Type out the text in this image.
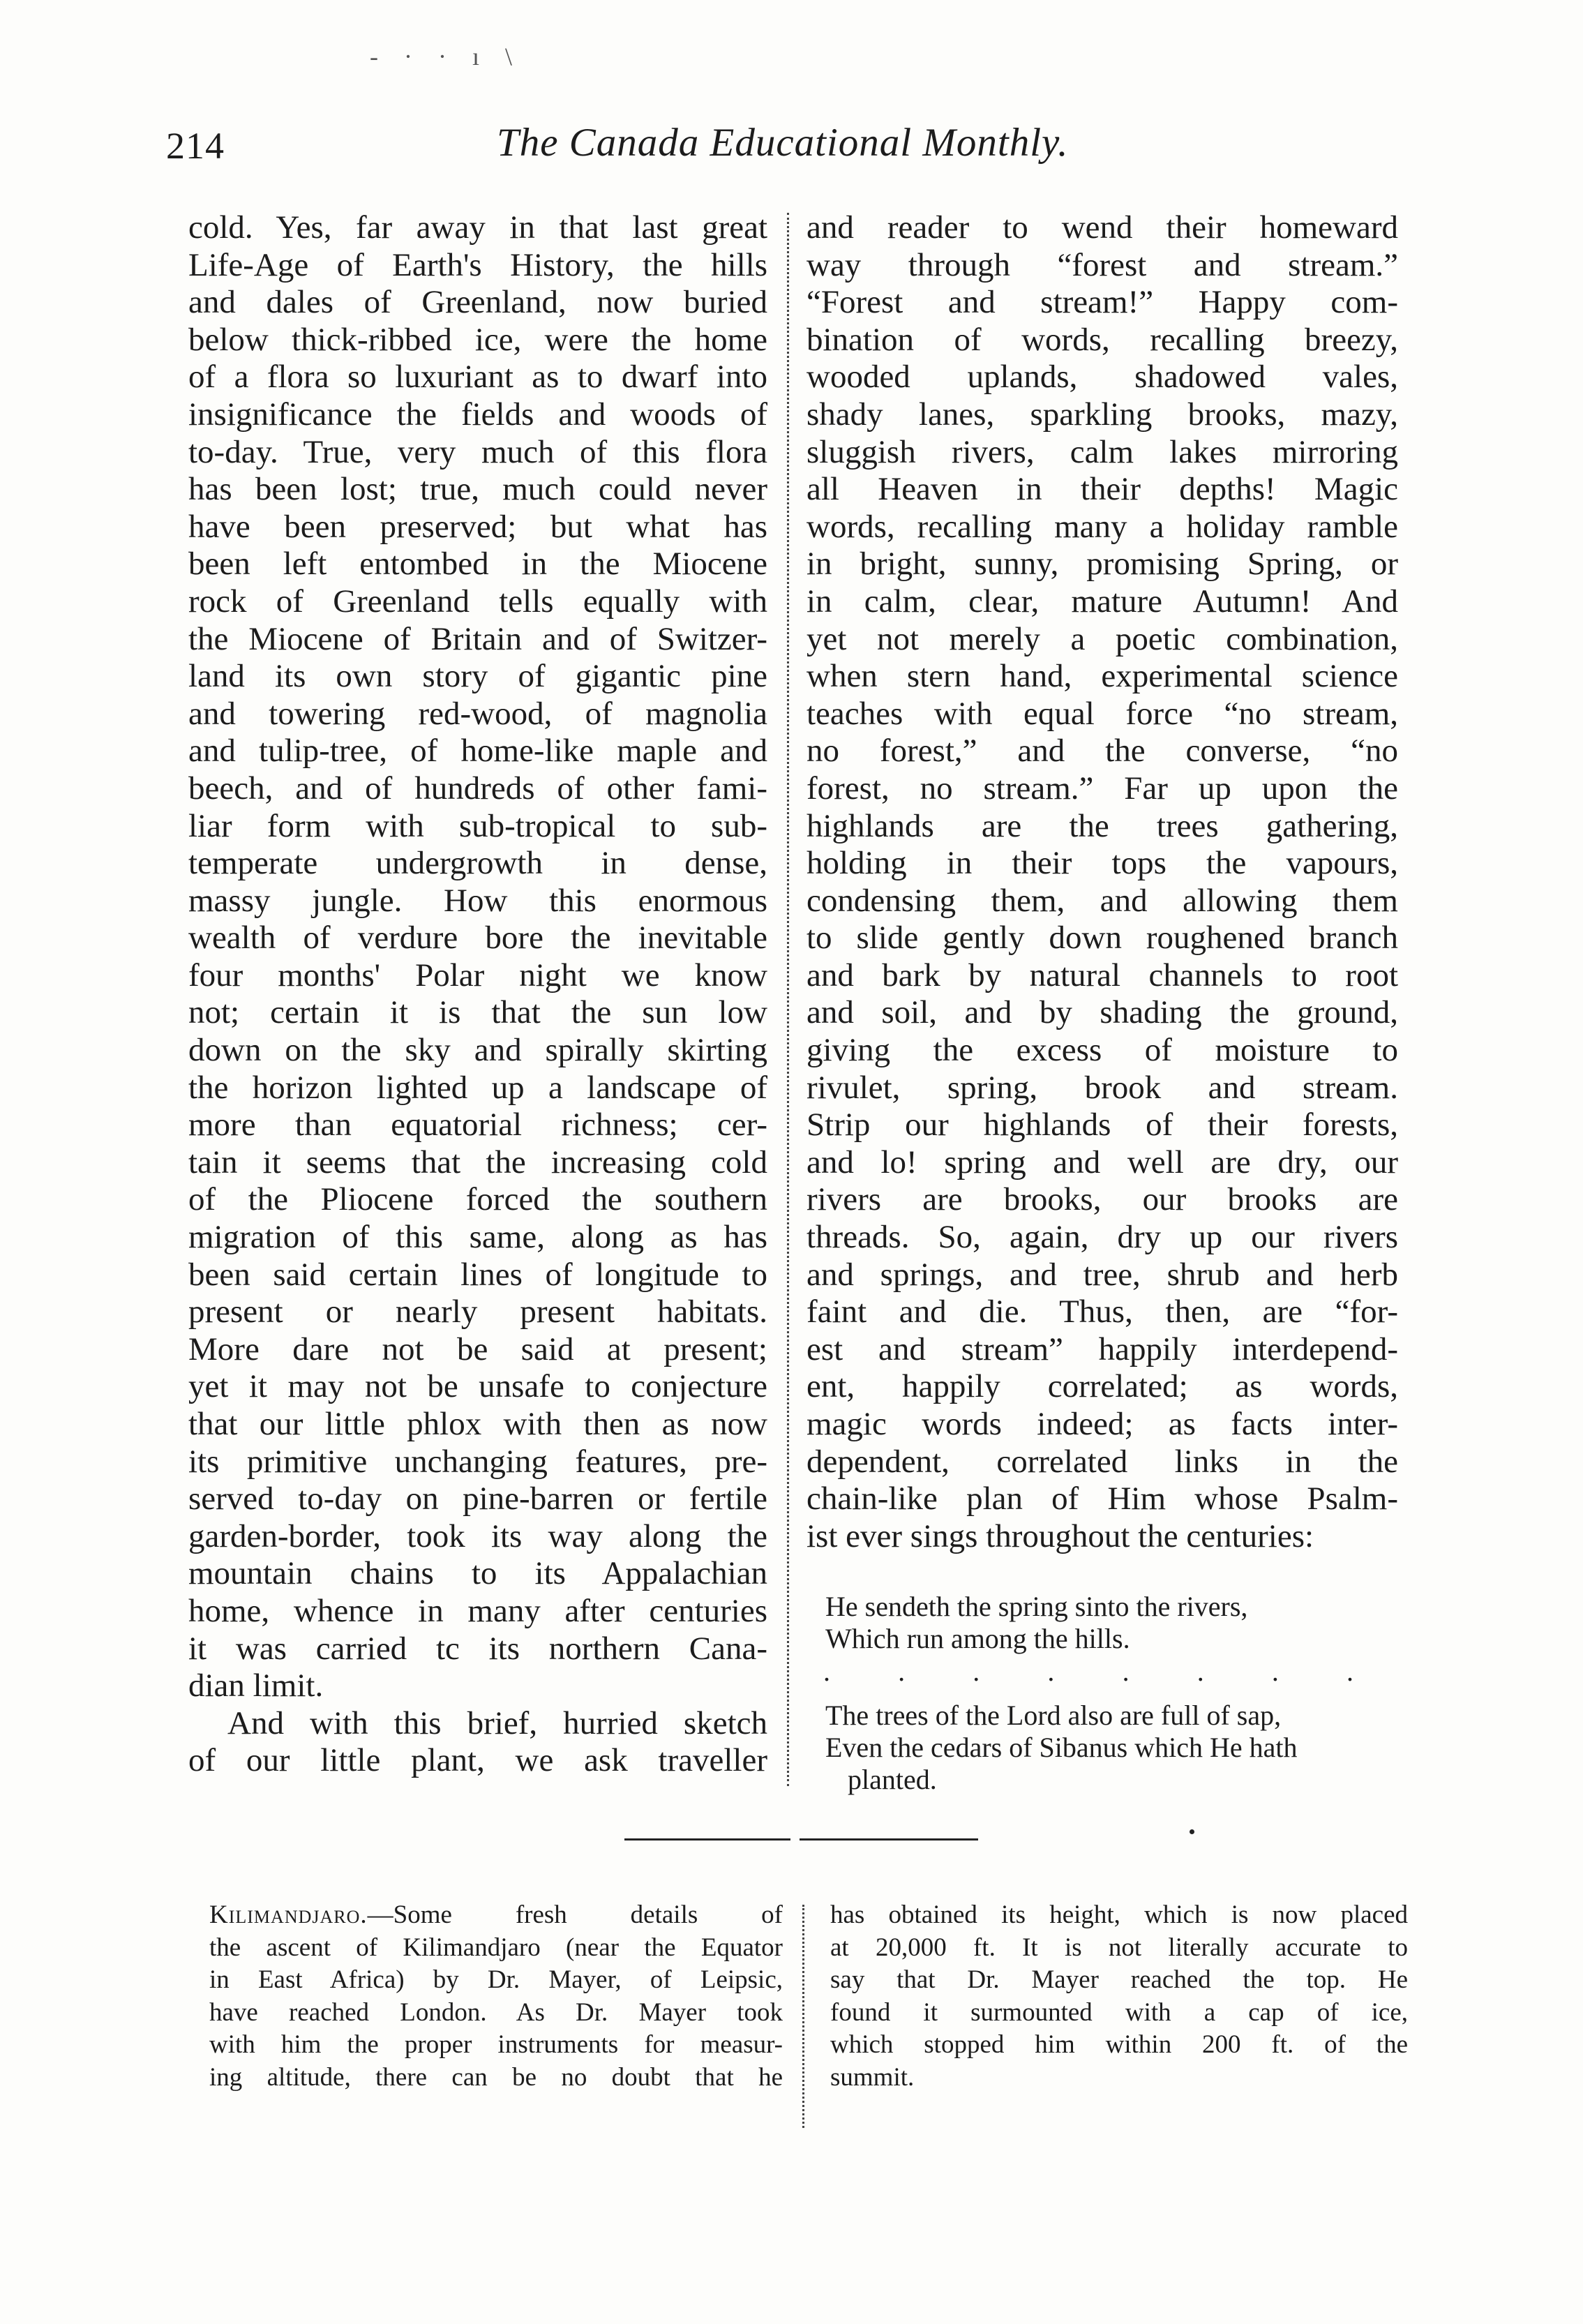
- · · ı \
214	The Canada Educational Monthly.
cold. Yes, far away in that last great
Life-Age of Earth's History, the hills
and dales of Greenland, now buried
below thick-ribbed ice, were the home
of a flora so luxuriant as to dwarf into
insignificance the fields and woods of
to-day. True, very much of this flora
has been lost; true, much could never
have been preserved; but what has
been left entombed in the Miocene
rock of Greenland tells equally with
the Miocene of Britain and of Switzer-
land its own story of gigantic pine
and towering red-wood, of magnolia
and tulip-tree, of home-like maple and
beech, and of hundreds of other fami-
liar form with sub-tropical to sub-
temperate undergrowth in dense,
massy jungle. How this enormous
wealth of verdure bore the inevitable
four months' Polar night we know
not; certain it is that the sun low
down on the sky and spirally skirting
the horizon lighted up a landscape of
more than equatorial richness; cer-
tain it seems that the increasing cold
of the Pliocene forced the southern
migration of this same, along as has
been said certain lines of longitude to
present or nearly present habitats.
More dare not be said at present;
yet it may not be unsafe to conjecture
that our little phlox with then as now
its primitive unchanging features, pre-
served to-day on pine-barren or fertile
garden-border, took its way along the
mountain chains to its Appalachian
home, whence in many after centuries
it was carried tc its northern Cana-
dian limit.
And with this brief, hurried sketch
of our little plant, we ask traveller
and reader to wend their homeward
way through “forest and stream.”
“Forest and stream!” Happy com-
bination of words, recalling breezy,
wooded uplands, shadowed vales,
shady lanes, sparkling brooks, mazy,
sluggish rivers, calm lakes mirroring
all Heaven in their depths! Magic
words, recalling many a holiday ramble
in bright, sunny, promising Spring, or
in calm, clear, mature Autumn! And
yet not merely a poetic combination,
when stern hand, experimental science
teaches with equal force “no stream,
no forest,” and the converse, “no
forest, no stream.” Far up upon the
highlands are the trees gathering,
holding in their tops the vapours,
condensing them, and allowing them
to slide gently down roughened branch
and bark by natural channels to root
and soil, and by shading the ground,
giving the excess of moisture to
rivulet, spring, brook and stream.
Strip our highlands of their forests,
and lo! spring and well are dry, our
rivers are brooks, our brooks are
threads. So, again, dry up our rivers
and springs, and tree, shrub and herb
faint and die. Thus, then, are “for-
est and stream” happily interdepend-
ent, happily correlated; as words,
magic words indeed; as facts inter-
dependent, correlated links in the
chain-like plan of Him whose Psalm-
ist ever sings throughout the centuries:
He sendeth the spring sinto the rivers,
Which run among the hills.
. . . . . . . .
The trees of the Lord also are full of sap,
Even the cedars of Sibanus which He hath
planted.
Kilimandjaro.—Some fresh details of
the ascent of Kilimandjaro (near the Equator
in East Africa) by Dr. Mayer, of Leipsic,
have reached London. As Dr. Mayer took
with him the proper instruments for measur-
ing altitude, there can be no doubt that he
has obtained its height, which is now placed
at 20,000 ft. It is not literally accurate to
say that Dr. Mayer reached the top. He
found it surmounted with a cap of ice,
which stopped him within 200 ft. of the
summit.
